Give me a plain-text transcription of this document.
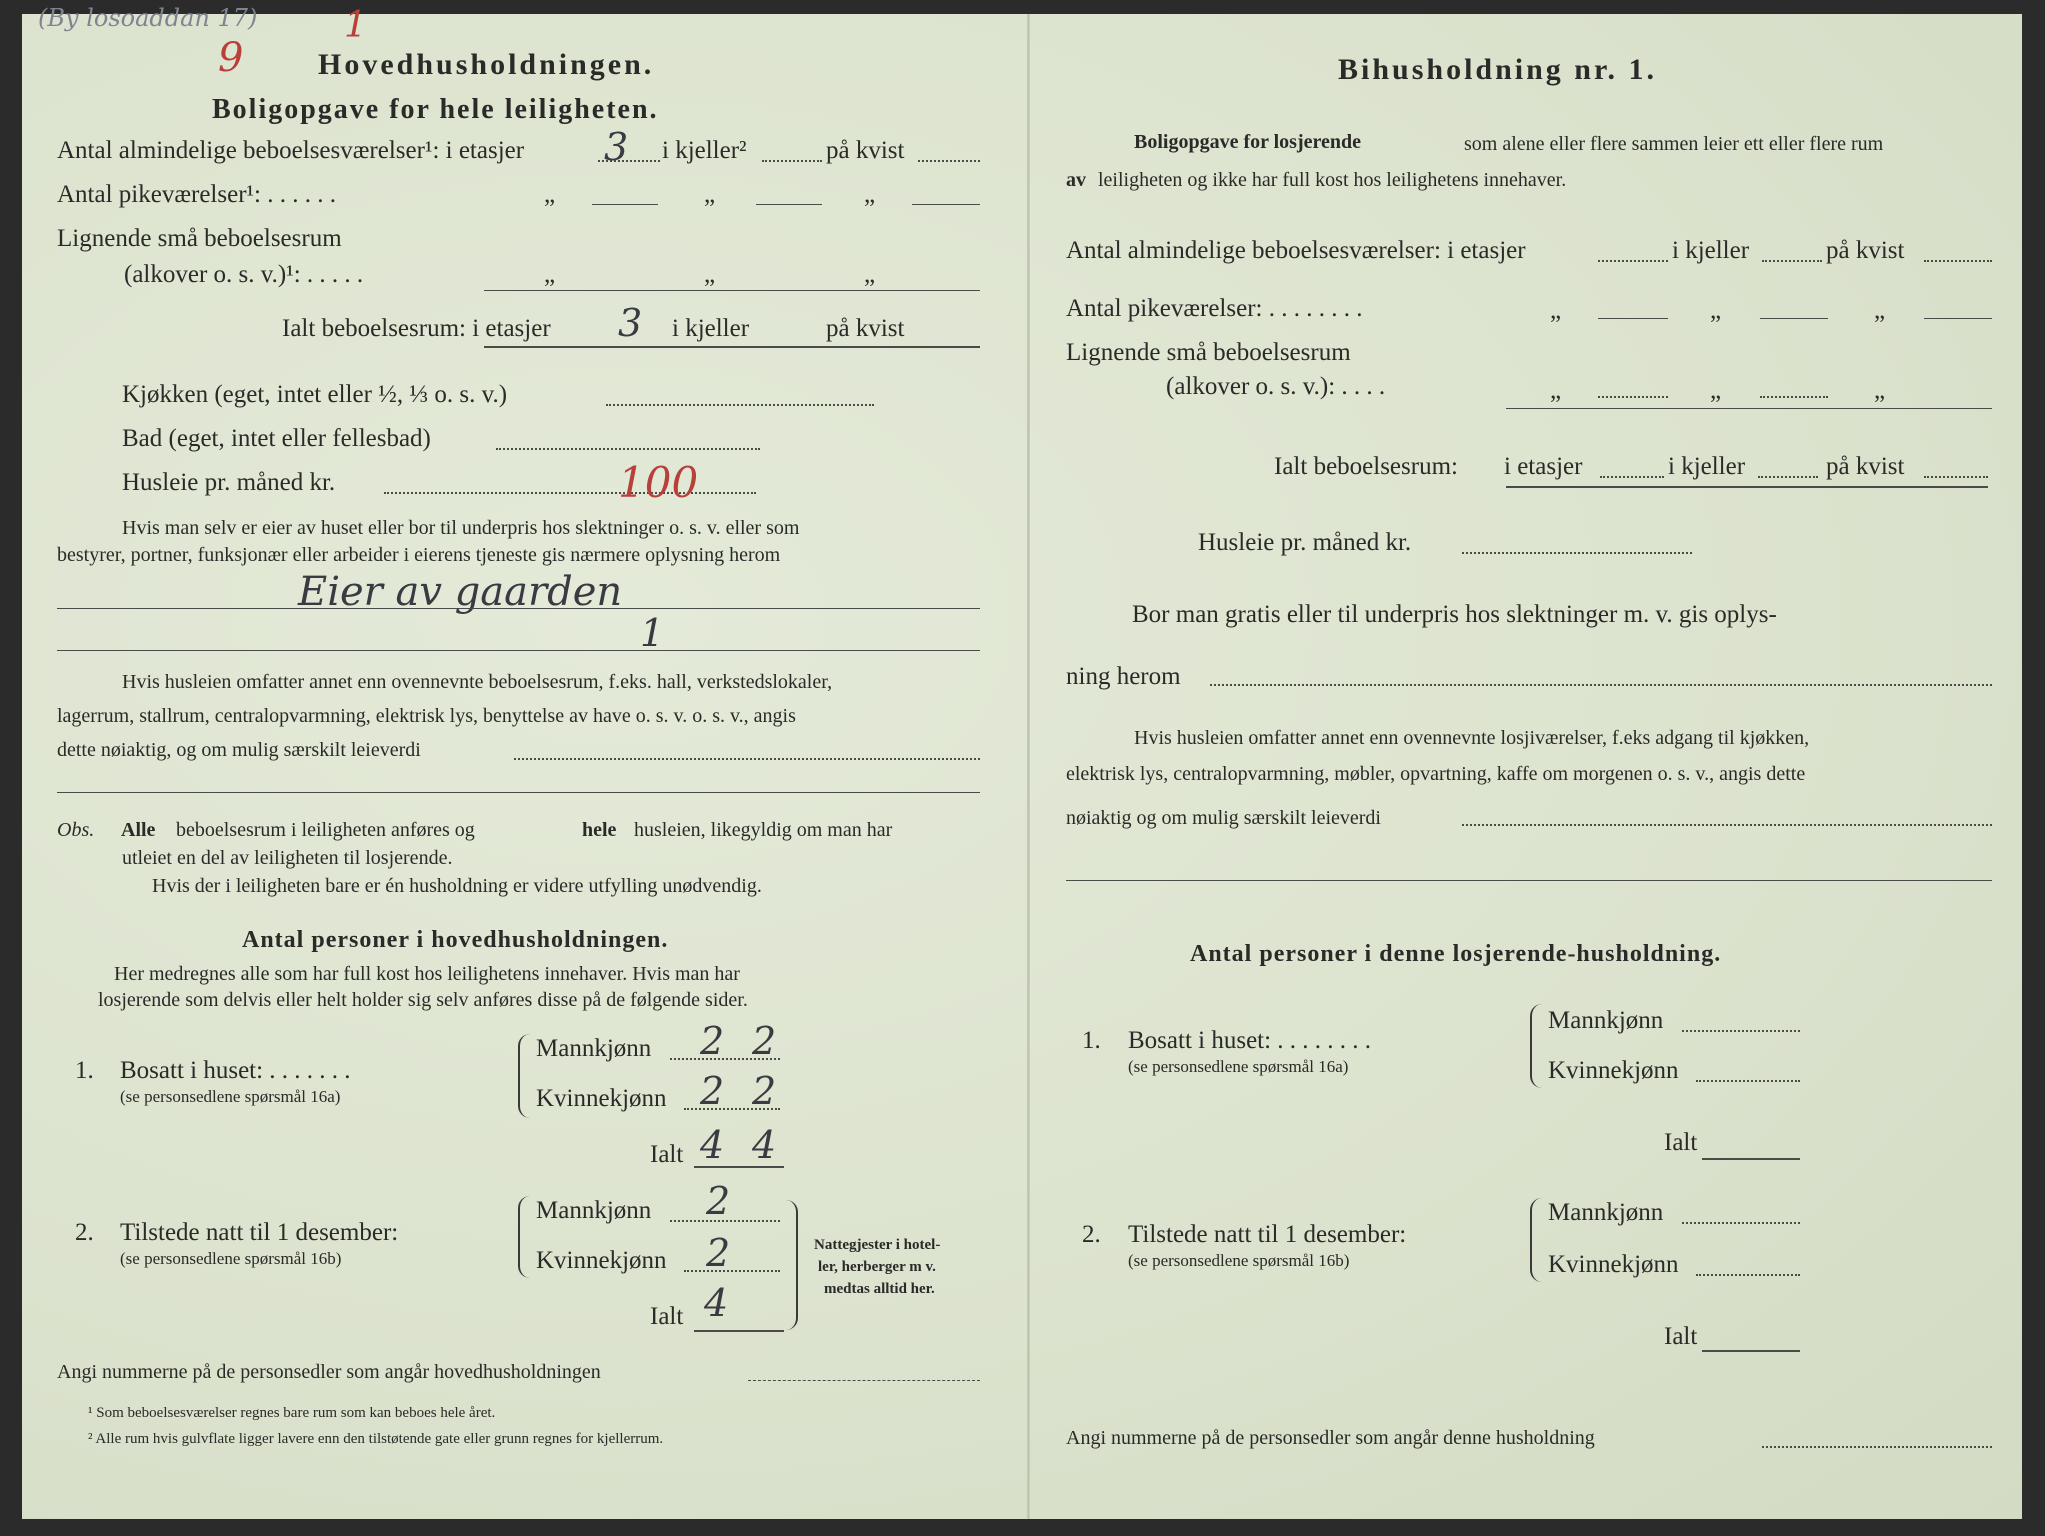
(By losoaddan 17)
9
1
Hovedhusholdningen.
Boligopgave for hele leiligheten.
Antal almindelige beboelsesværelser¹: i etasjer 3 i kjeller²	på kvist
Antal pikeværelser¹: . . . . . .	„	„	„
Lignende små beboelsesrum
(alkover o. s. v.)¹: . . . . .	„	„	„
Ialt beboelsesrum: i etasjer 3 i kjeller	på kvist
Kjøkken (eget, intet eller ½, ⅓ o. s. v.)
Bad (eget, intet eller fellesbad)
Husleie pr. måned kr.	100
Hvis man selv er eier av huset eller bor til underpris hos slektninger o. s. v. eller som
bestyrer, portner, funksjonær eller arbeider i eierens tjeneste gis nærmere oplysning herom
Eier av gaarden
1
Hvis husleien omfatter annet enn ovennevnte beboelsesrum, f.eks. hall, verkstedslokaler,
lagerrum, stallrum, centralopvarmning, elektrisk lys, benyttelse av have o. s. v. o. s. v., angis
dette nøiaktig, og om mulig særskilt leieverdi
Obs. Alle beboelsesrum i leiligheten anføres og	hele husleien, likegyldig om man har
utleiet en del av leiligheten til losjerende.
Hvis der i leiligheten bare er én husholdning er videre utfylling unødvendig.
Antal personer i hovedhusholdningen.
Her medregnes alle som har full kost hos leilighetens innehaver. Hvis man har
losjerende som delvis eller helt holder sig selv anføres disse på de følgende sider.
1. Bosatt i huset: . . . . . . .
(se personsedlene spørsmål 16a)
Mannkjønn 2 2
Kvinnekjønn 2 2
Ialt 4 4
2. Tilstede natt til 1 desember:
(se personsedlene spørsmål 16b)
Mannkjønn 2
Kvinnekjønn 2
Ialt 4
Nattegjester i hotel-
ler, herberger m v.
medtas alltid her.
Angi nummerne på de personsedler som angår hovedhusholdningen
¹ Som beboelsesværelser regnes bare rum som kan beboes hele året.
² Alle rum hvis gulvflate ligger lavere enn den tilstøtende gate eller grunn regnes for kjellerrum.
Bihusholdning nr. 1.
Boligopgave for losjerende	som alene eller flere sammen leier ett eller flere rum
av leiligheten og ikke har full kost hos leilighetens innehaver.
Antal almindelige beboelsesværelser: i etasjer	i kjeller	på kvist
Antal pikeværelser: . . . . . . . .	„	„	„
Lignende små beboelsesrum
(alkover o. s. v.): . . . .	„	„	„
Ialt beboelsesrum: i etasjer	i kjeller	på kvist
Husleie pr. måned kr.
Bor man gratis eller til underpris hos slektninger m. v. gis oplys-
ning herom
Hvis husleien omfatter annet enn ovennevnte losjiværelser, f.eks adgang til kjøkken,
elektrisk lys, centralopvarmning, møbler, opvartning, kaffe om morgenen o. s. v., angis dette
nøiaktig og om mulig særskilt leieverdi
Antal personer i denne losjerende-husholdning.
1. Bosatt i huset: . . . . . . . .
(se personsedlene spørsmål 16a)
Mannkjønn
Kvinnekjønn
Ialt
2. Tilstede natt til 1 desember:
(se personsedlene spørsmål 16b)
Mannkjønn
Kvinnekjønn
Ialt
Angi nummerne på de personsedler som angår denne husholdning
